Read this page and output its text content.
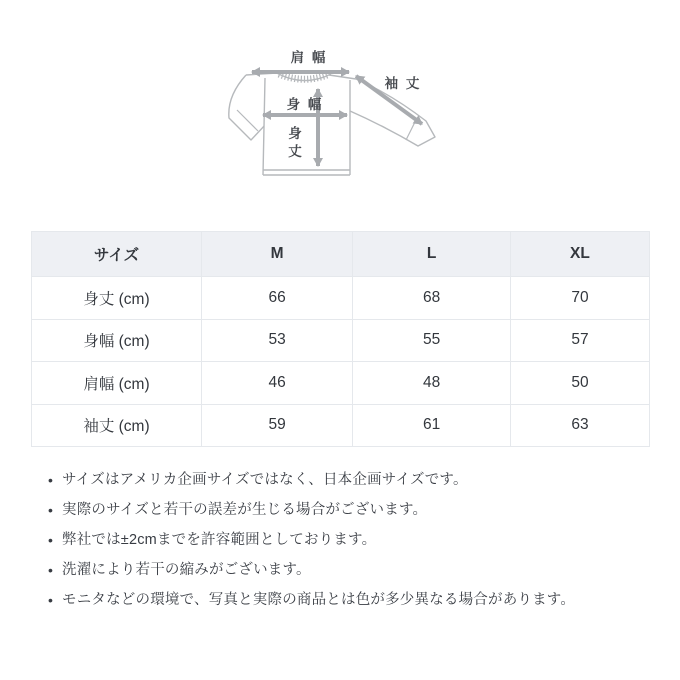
肩 幅
袖 丈
身 幅
身
丈
サイズ	M	L	XL
身丈 (cm)	66	68	70
身幅 (cm)	53	55	57
肩幅 (cm)	46	48	50
袖丈 (cm)	59	61	63
• サイズはアメリカ企画サイズではなく、日本企画サイズです。
• 実際のサイズと若干の誤差が生じる場合がございます。
• 弊社では±2cmまでを許容範囲としております。
• 洗濯により若干の縮みがございます。
• モニタなどの環境で、写真と実際の商品とは色が多少異なる場合があります。
